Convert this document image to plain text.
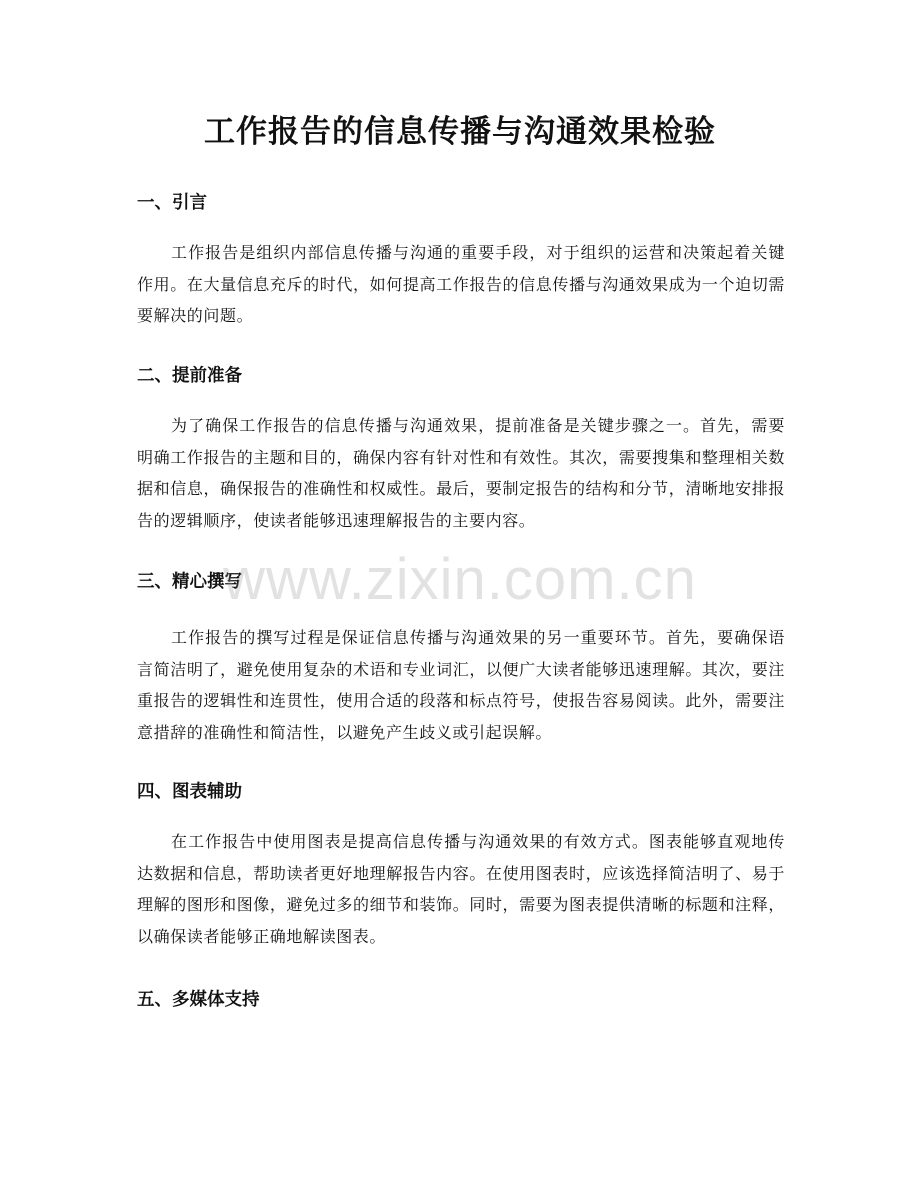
工作报告的信息传播与沟通效果检验
一、引言

工作报告是组织内部信息传播与沟通的重要手段，对于组织的运营和决策起着关键作用。在大量信息充斥的时代，如何提高工作报告的信息传播与沟通效果成为一个迫切需要解决的问题。

二、提前准备

为了确保工作报告的信息传播与沟通效果，提前准备是关键步骤之一。首先，需要明确工作报告的主题和目的，确保内容有针对性和有效性。其次，需要搜集和整理相关数据和信息，确保报告的准确性和权威性。最后，要制定报告的结构和分节，清晰地安排报告的逻辑顺序，使读者能够迅速理解报告的主要内容。

三、精心撰写

工作报告的撰写过程是保证信息传播与沟通效果的另一重要环节。首先，要确保语言简洁明了，避免使用复杂的术语和专业词汇，以便广大读者能够迅速理解。其次，要注重报告的逻辑性和连贯性，使用合适的段落和标点符号，使报告容易阅读。此外，需要注意措辞的准确性和简洁性，以避免产生歧义或引起误解。

四、图表辅助

在工作报告中使用图表是提高信息传播与沟通效果的有效方式。图表能够直观地传达数据和信息，帮助读者更好地理解报告内容。在使用图表时，应该选择简洁明了、易于理解的图形和图像，避免过多的细节和装饰。同时，需要为图表提供清晰的标题和注释，以确保读者能够正确地解读图表。

五、多媒体支持
www.zixin.com.cn
